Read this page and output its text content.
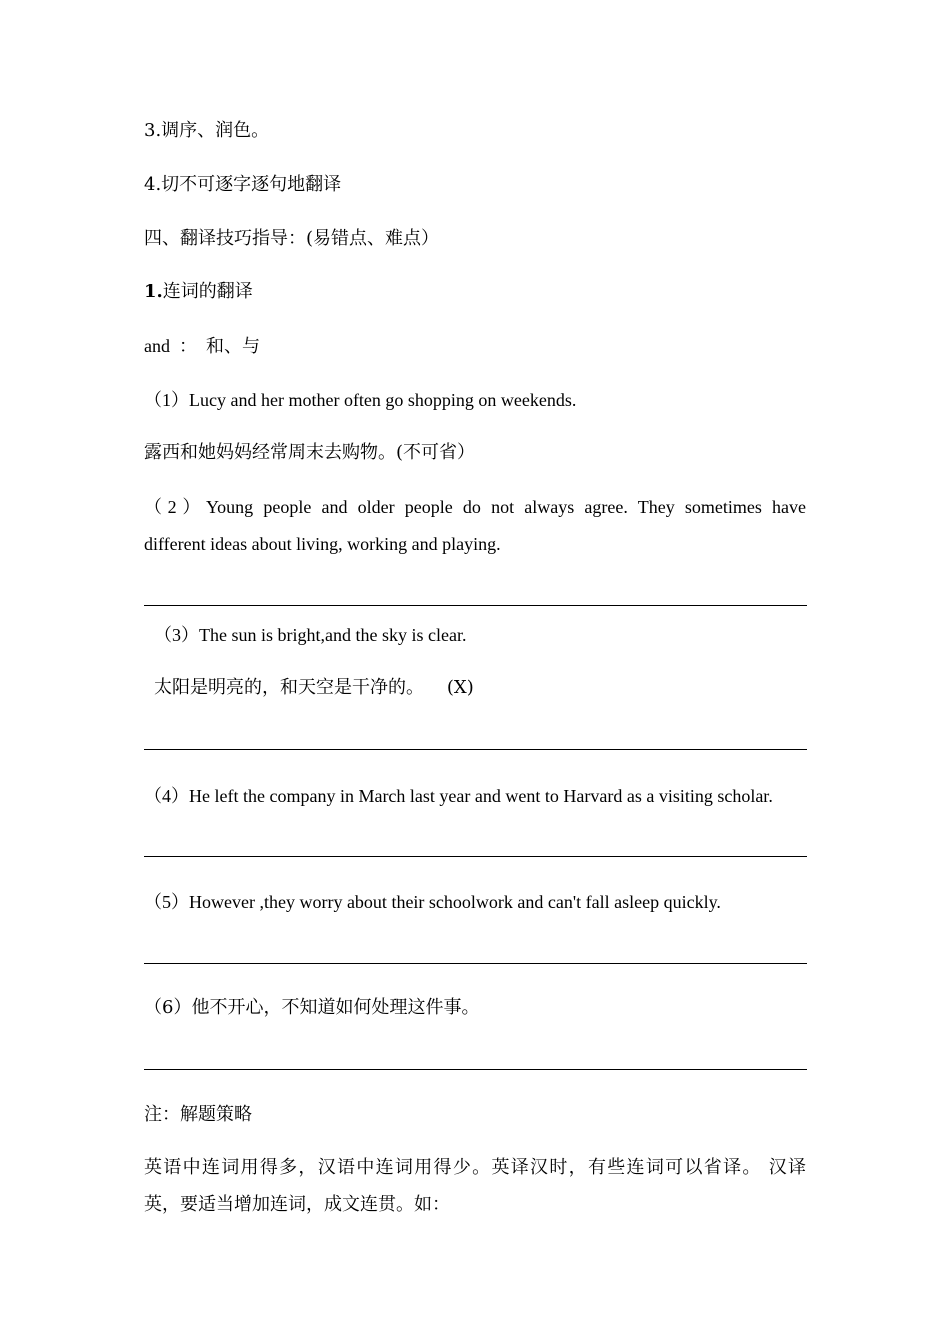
3.调序、润色。
4.切不可逐字逐句地翻译
四、翻译技巧指导：(易错点、难点）
1.连词的翻译
and  ：  和、与
（1）Lucy and her mother often go shopping on weekends.
露西和她妈妈经常周末去购物。(不可省）
（2）Young people and older people do not always agree. They sometimes have
different ideas about living, working and playing.
（3）The sun is bright,and the sky is clear.
太阳是明亮的，和天空是干净的。    (X)
（4）He left the company in March last year and went to Harvard as a visiting scholar.
（5）However ,they worry about their schoolwork and can't fall asleep quickly.
（6）他不开心，不知道如何处理这件事。
注：解题策略
英语中连词用得多，汉语中连词用得少。英译汉时，有些连词可以省译。 汉译
英，要适当增加连词，成文连贯。如：
